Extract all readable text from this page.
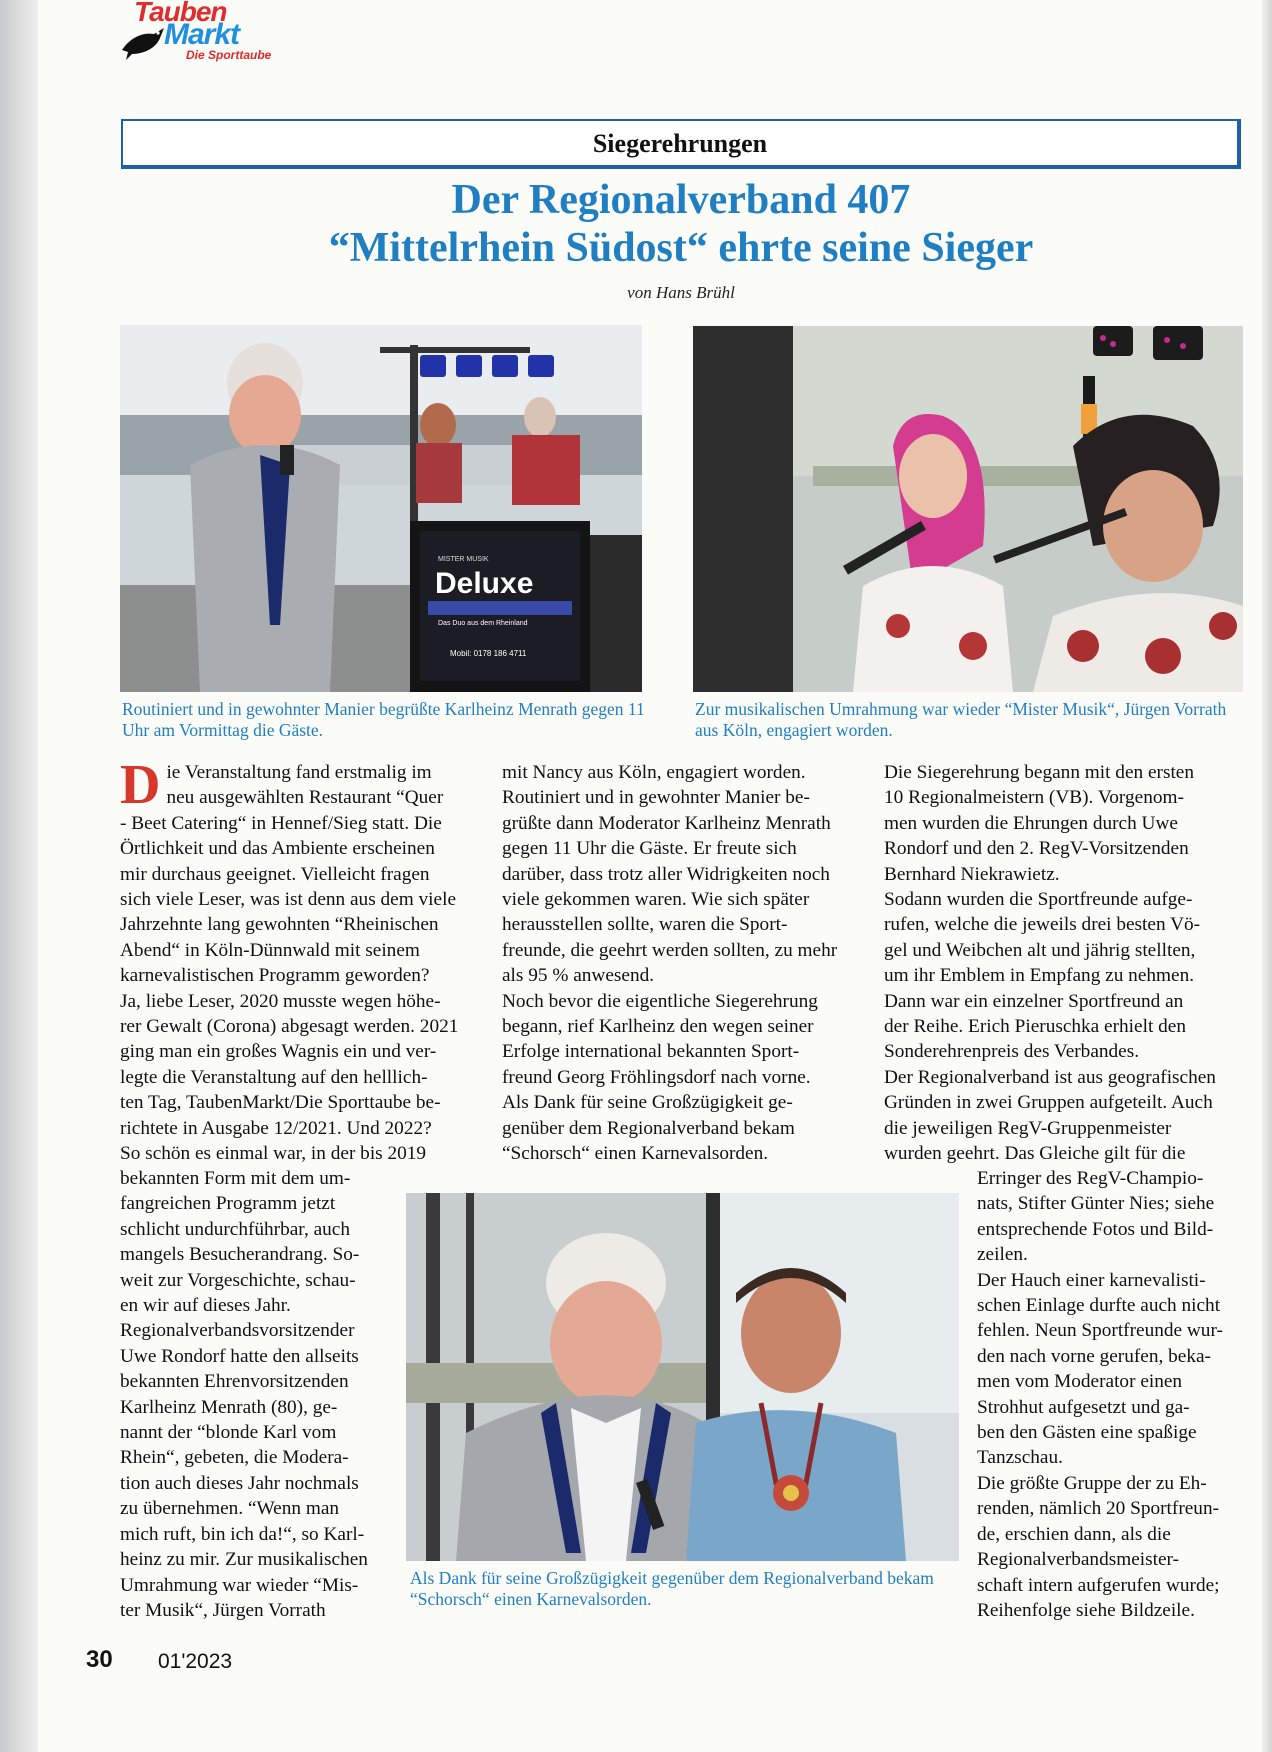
Tauben
Markt
Die Sporttaube
Siegerehrungen
Der Regionalverband 407
“Mittelrhein Südost“ ehrte seine Sieger
von Hans Brühl
Deluxe
MISTER MUSIK
Das Duo aus dem Rheinland
Mobil: 0178 186 4711
Routiniert und in gewohnter Manier begrüßte Karlheinz Menrath gegen 11 Uhr am Vormittag die Gäste.
Zur musikalischen Umrahmung war wieder “Mister Musik“, Jürgen Vorrath aus Köln, engagiert worden.

D ie Veranstaltung fand erstmalig im
neu ausgewählten Restaurant “Quer
- Beet Catering“ in Hennef/Sieg statt. Die
Örtlichkeit und das Ambiente erscheinen
mir durchaus geeignet. Vielleicht fragen
sich viele Leser, was ist denn aus dem viele
Jahrzehnte lang gewohnten “Rheinischen
Abend“ in Köln-Dünnwald mit seinem
karnevalistischen Programm geworden?
Ja, liebe Leser, 2020 musste wegen höhe-
rer Gewalt (Corona) abgesagt werden. 2021
ging man ein großes Wagnis ein und ver-
legte die Veranstaltung auf den helllich-
ten Tag, TaubenMarkt/Die Sporttaube be-
richtete in Ausgabe 12/2021. Und 2022?
So schön es einmal war, in der bis 2019

bekannten Form mit dem um-
fangreichen Programm jetzt
schlicht undurchführbar, auch
mangels Besucherandrang. So-
weit zur Vorgeschichte, schau-
en wir auf dieses Jahr.
Regionalverbandsvorsitzender
Uwe Rondorf hatte den allseits
bekannten Ehrenvorsitzenden
Karlheinz Menrath (80), ge-
nannt der “blonde Karl vom
Rhein“, gebeten, die Modera-
tion auch dieses Jahr nochmals
zu übernehmen. “Wenn man
mich ruft, bin ich da!“, so Karl-
heinz zu mir. Zur musikalischen
Umrahmung war wieder “Mis-
ter Musik“, Jürgen Vorrath
mit Nancy aus Köln, engagiert worden.
Routiniert und in gewohnter Manier be-
grüßte dann Moderator Karlheinz Menrath
gegen 11 Uhr die Gäste. Er freute sich
darüber, dass trotz aller Widrigkeiten noch
viele gekommen waren. Wie sich später
herausstellen sollte, waren die Sport-
freunde, die geehrt werden sollten, zu mehr
als 95 % anwesend.
Noch bevor die eigentliche Siegerehrung
begann, rief Karlheinz den wegen seiner
Erfolge international bekannten Sport-
freund Georg Fröhlingsdorf nach vorne.
Als Dank für seine Großzügigkeit ge-
genüber dem Regionalverband bekam
“Schorsch“ einen Karnevalsorden.
Die Siegerehrung begann mit den ersten
10 Regionalmeistern (VB). Vorgenom-
men wurden die Ehrungen durch Uwe
Rondorf und den 2. RegV-Vorsitzenden
Bernhard Niekrawietz.
Sodann wurden die Sportfreunde aufge-
rufen, welche die jeweils drei besten Vö-
gel und Weibchen alt und jährig stellten,
um ihr Emblem in Empfang zu nehmen.
Dann war ein einzelner Sportfreund an
der Reihe. Erich Pieruschka erhielt den
Sonderehrenpreis des Verbandes.
Der Regionalverband ist aus geografischen
Gründen in zwei Gruppen aufgeteilt. Auch
die jeweiligen RegV-Gruppenmeister
wurden geehrt. Das Gleiche gilt für die
Erringer des RegV-Champio-
nats, Stifter Günter Nies; siehe
entsprechende Fotos und Bild-
zeilen.
Der Hauch einer karnevalisti-
schen Einlage durfte auch nicht
fehlen. Neun Sportfreunde wur-
den nach vorne gerufen, beka-
men vom Moderator einen
Strohhut aufgesetzt und ga-
ben den Gästen eine spaßige
Tanzschau.
Die größte Gruppe der zu Eh-
renden, nämlich 20 Sportfreun-
de, erschien dann, als die
Regionalverbandsmeister-
schaft intern aufgerufen wurde;
Reihenfolge siehe Bildzeile.
Als Dank für seine Großzügigkeit gegenüber dem Regionalverband bekam “Schorsch“ einen Karnevalsorden.
30 01'2023
